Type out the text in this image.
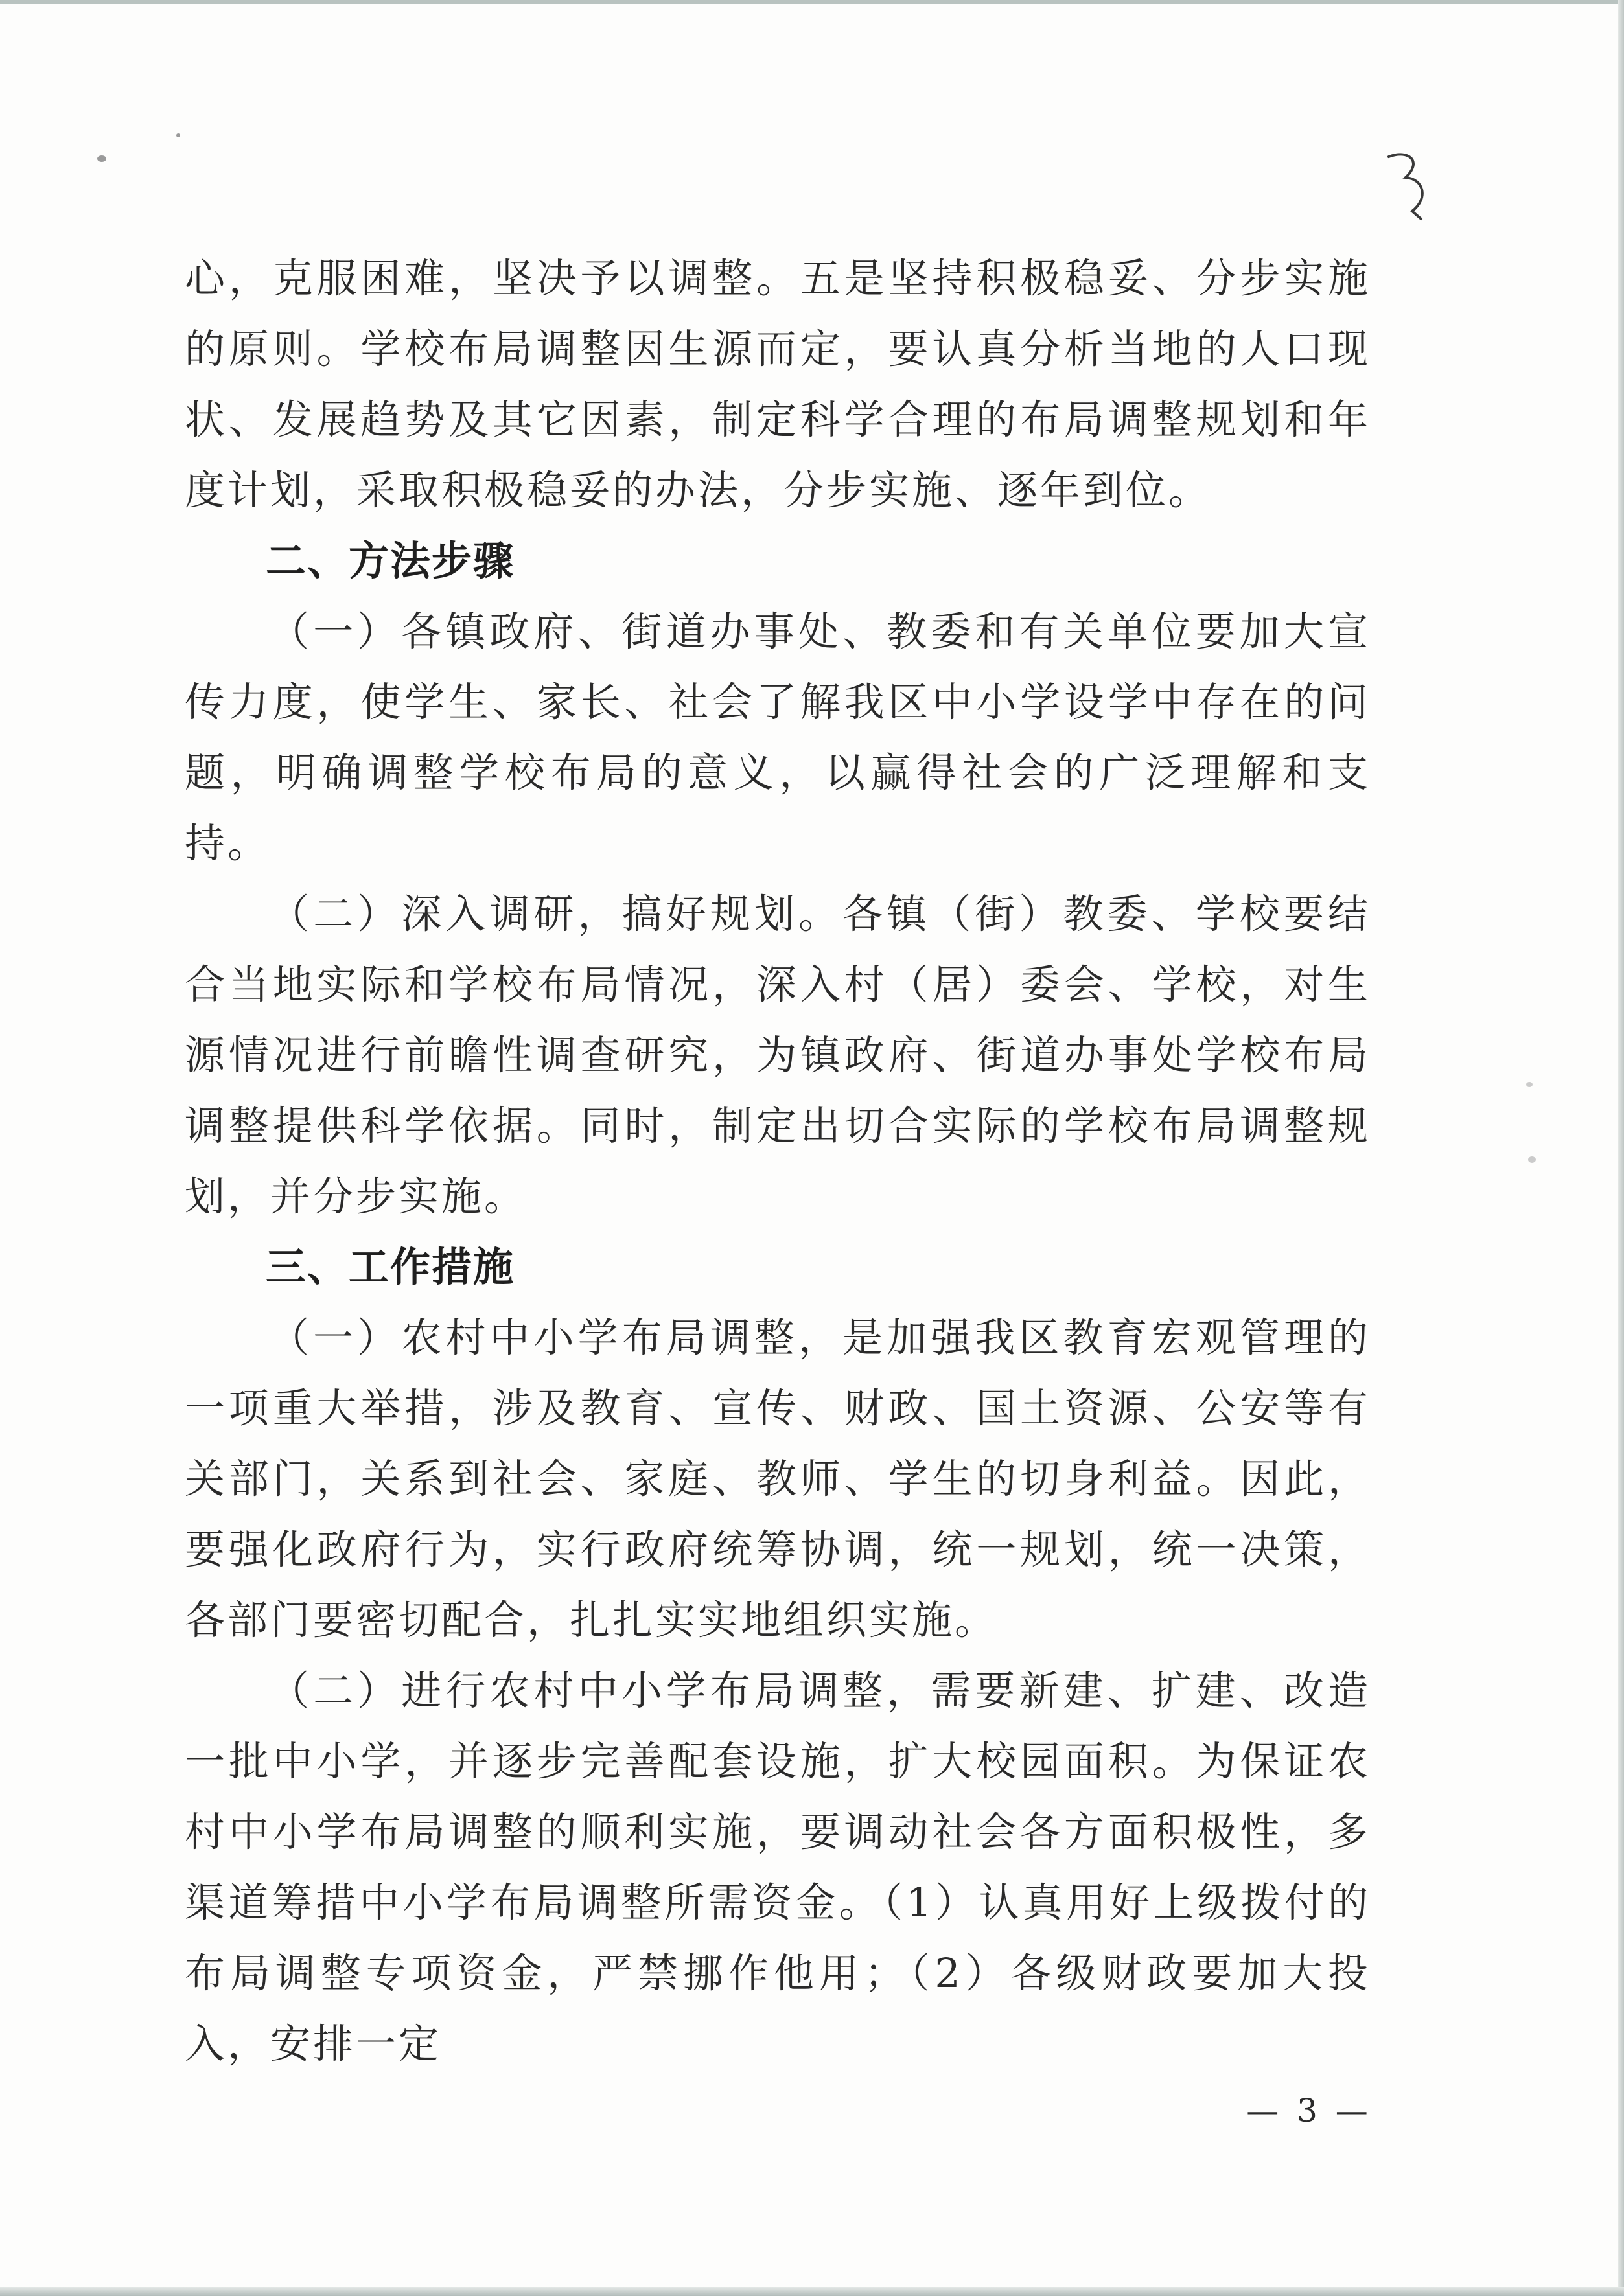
心，克服困难，坚决予以调整。五是坚持积极稳妥、分步实施的原则。学校布局调整因生源而定，要认真分析当地的人口现状、发展趋势及其它因素，制定科学合理的布局调整规划和年度计划，采取积极稳妥的办法，分步实施、逐年到位。

二、方法步骤

（一）各镇政府、街道办事处、教委和有关单位要加大宣传力度，使学生、家长、社会了解我区中小学设学中存在的问题，明确调整学校布局的意义，以赢得社会的广泛理解和支持。

（二）深入调研，搞好规划。各镇（街）教委、学校要结合当地实际和学校布局情况，深入村（居）委会、学校，对生源情况进行前瞻性调查研究，为镇政府、街道办事处学校布局调整提供科学依据。同时，制定出切合实际的学校布局调整规划，并分步实施。

三、工作措施

（一）农村中小学布局调整，是加强我区教育宏观管理的一项重大举措，涉及教育、宣传、财政、国土资源、公安等有关部门，关系到社会、家庭、教师、学生的切身利益。因此，要强化政府行为，实行政府统筹协调，统一规划，统一决策，各部门要密切配合，扎扎实实地组织实施。

（二）进行农村中小学布局调整，需要新建、扩建、改造一批中小学，并逐步完善配套设施，扩大校园面积。为保证农村中小学布局调整的顺利实施，要调动社会各方面积极性，多渠道筹措中小学布局调整所需资金。（1）认真用好上级拨付的布局调整专项资金，严禁挪作他用；（2）各级财政要加大投入，安排一定

— 3 —
